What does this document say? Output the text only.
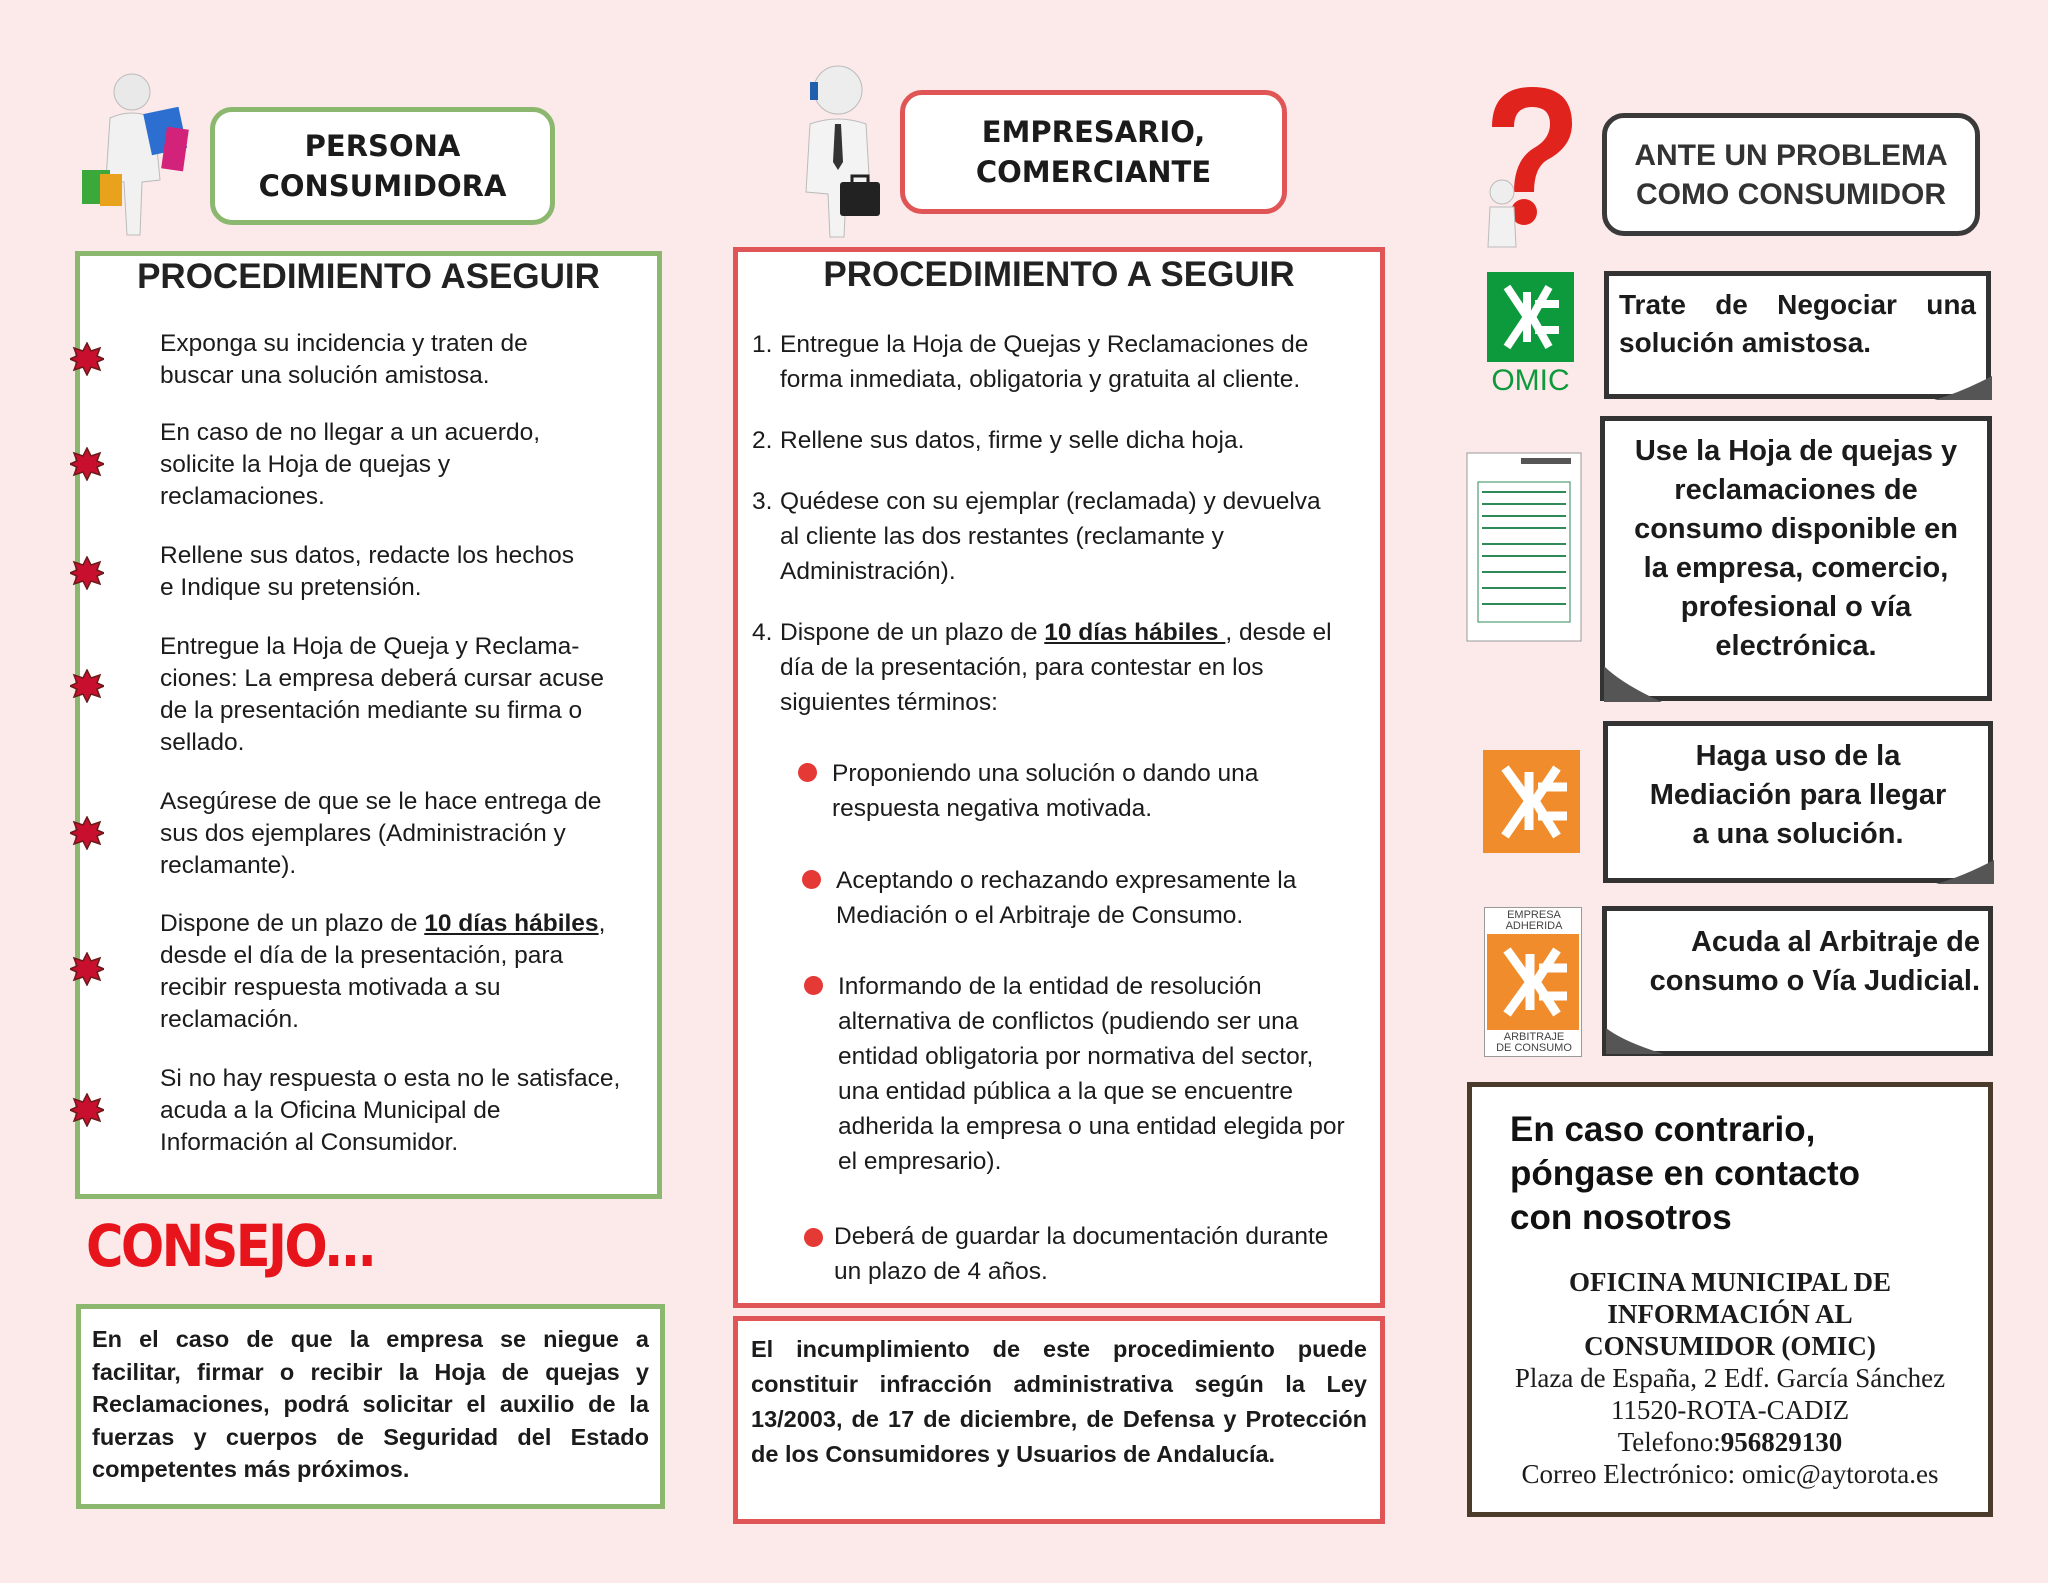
PERSONA
CONSUMIDORA
PROCEDIMIENTO ASEGUIR
Exponga su incidencia y traten de
buscar una solución amistosa.
En caso de no llegar a un acuerdo,
solicite la Hoja de quejas y
reclamaciones.
Rellene sus datos, redacte los hechos
e Indique su pretensión.
Entregue la Hoja de Queja y Reclama-
ciones: La empresa deberá cursar acuse
de la presentación mediante su firma o
sellado.
Asegúrese de que se le hace entrega de
sus dos ejemplares (Administración y
reclamante).
Dispone de un plazo de 10 días hábiles,
desde el día de la presentación, para
recibir respuesta motivada a su
reclamación.
Si no hay respuesta o esta no le satisface,
acuda a la Oficina Municipal de
Información al Consumidor.
CONSEJO...
En el caso de que la empresa se niegue a facilitar, firmar o recibir la Hoja de quejas y Reclamaciones, podrá solicitar el auxilio de la fuerzas y cuerpos de Seguridad del Estado competentes más próximos.
EMPRESARIO,
COMERCIANTE
PROCEDIMIENTO A SEGUIR
1. Entregue la Hoja de Quejas y Reclamaciones de
forma inmediata, obligatoria y gratuita al cliente.
2. Rellene sus datos, firme y selle dicha hoja.
3. Quédese con su ejemplar (reclamada) y devuelva
al cliente las dos restantes (reclamante y
Administración).
4. Dispone de un plazo de 10 días hábiles , desde el
día de la presentación, para contestar en los
siguientes términos:
Proponiendo una solución o dando una
respuesta negativa motivada.
Aceptando o rechazando expresamente la
Mediación o el Arbitraje de Consumo.
Informando de la entidad de resolución
alternativa de conflictos (pudiendo ser una
entidad obligatoria por normativa del sector,
una entidad pública a la que se encuentre
adherida la empresa o una entidad elegida por
el empresario).
Deberá de guardar la documentación durante
un plazo de 4 años.
El incumplimiento de este procedimiento puede constituir infracción administrativa según la Ley 13/2003, de 17 de diciembre, de Defensa y Protección de los Consumidores y Usuarios de Andalucía.
ANTE UN PROBLEMA
COMO CONSUMIDOR
OMIC
Trate de Negociar una solución amistosa.
Use la Hoja de quejas y
reclamaciones de
consumo disponible en
la empresa, comercio,
profesional o vía
electrónica.
Haga uso de la
Mediación para llegar
a una solución.
EMPRESA
ADHERIDA
ARBITRAJE
DE CONSUMO
Acuda al Arbitraje de
consumo o Vía Judicial.
En caso contrario,
póngase en contacto
con nosotros
OFICINA MUNICIPAL DE
INFORMACIÓN AL
CONSUMIDOR (OMIC)
Plaza de España, 2 Edf. García Sánchez
11520-ROTA-CADIZ
Telefono:956829130
Correo Electrónico: omic@aytorota.es
